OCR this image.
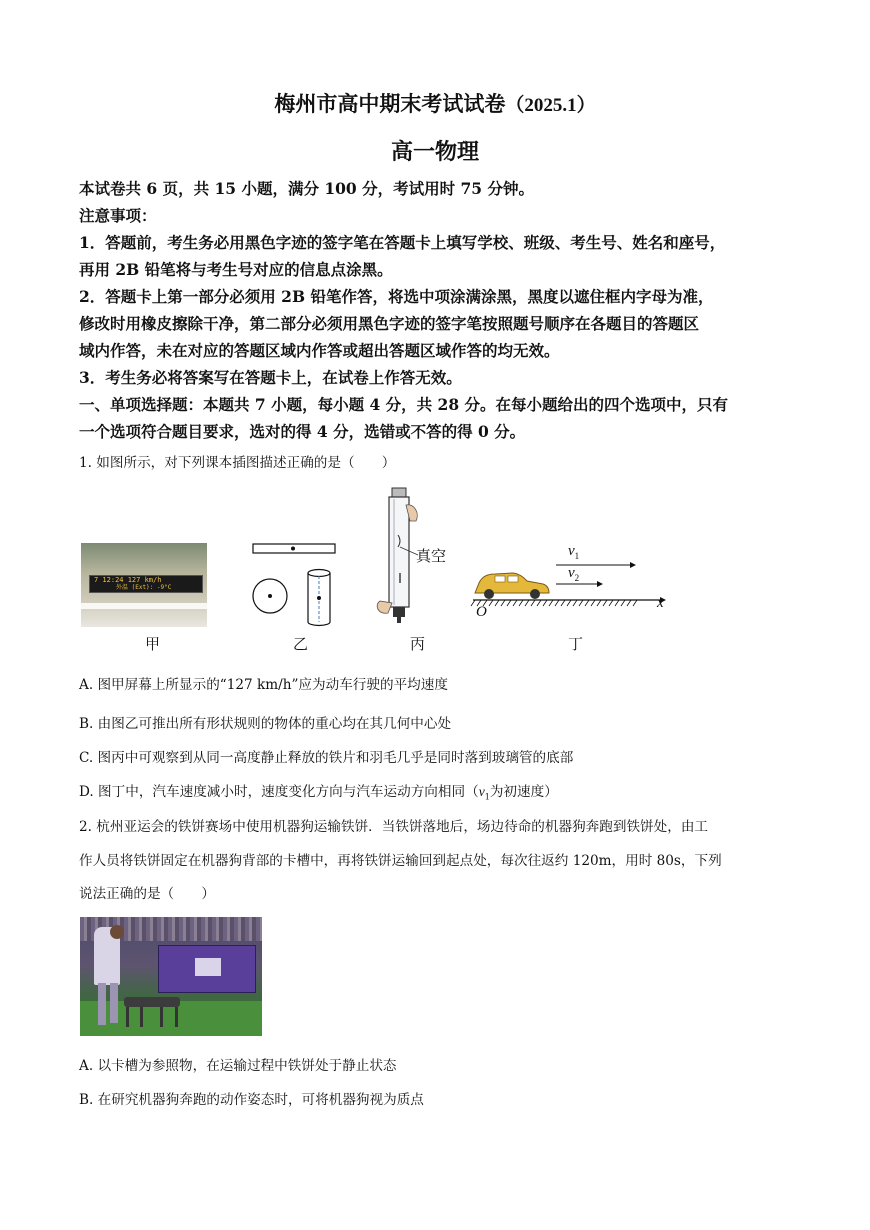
梅州市高中期末考试试卷（2025.1）
高一物理
本试卷共 6 页，共 15 小题，满分 100 分，考试用时 75 分钟。
注意事项：
1．答题前，考生务必用黑色字迹的签字笔在答题卡上填写学校、班级、考生号、姓名和座号，
再用 2B 铅笔将与考生号对应的信息点涂黑。
2．答题卡上第一部分必须用 2B 铅笔作答，将选中项涂满涂黑，黑度以遮住框内字母为准，
修改时用橡皮擦除干净，第二部分必须用黑色字迹的签字笔按照题号顺序在各题目的答题区
域内作答，未在对应的答题区域内作答或超出答题区域作答的均无效。
3．考生务必将答案写在答题卡上，在试卷上作答无效。
一、单项选择题：本题共 7 小题，每小题 4 分，共 28 分。在每小题给出的四个选项中，只有
一个选项符合题目要求，选对的得 4 分，选错或不答的得 0 分。
1. 如图所示，对下列课本插图描述正确的是（　　）
7 12:24 127 km/h
外温 (Ext): -9°C
真空	$v_1$
$v_2$
O
x
甲	乙	丙	丁
A. 图甲屏幕上所显示的“127 km/h”应为动车行驶的平均速度
B. 由图乙可推出所有形状规则的物体的重心均在其几何中心处
C. 图丙中可观察到从同一高度静止释放的铁片和羽毛几乎是同时落到玻璃管的底部
D. 图丁中，汽车速度减小时，速度变化方向与汽车运动方向相同（$v_1$为初速度）
2. 杭州亚运会的铁饼赛场中使用机器狗运输铁饼．当铁饼落地后，场边待命的机器狗奔跑到铁饼处，由工
作人员将铁饼固定在机器狗背部的卡槽中，再将铁饼运输回到起点处，每次往返约 120m，用时 80s，下列
说法正确的是（　　）
A. 以卡槽为参照物，在运输过程中铁饼处于静止状态
B. 在研究机器狗奔跑的动作姿态时，可将机器狗视为质点
